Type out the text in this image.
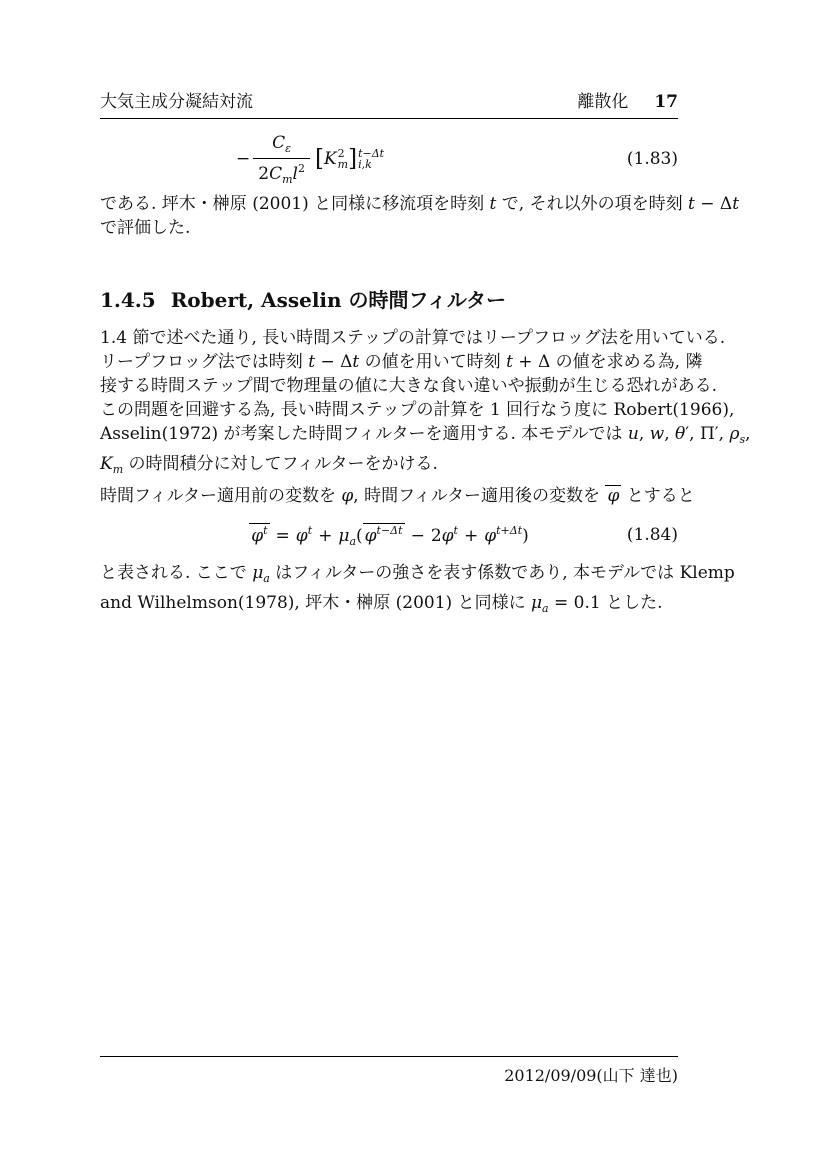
大気主成分凝結対流	離散化 17
− $\frac{C_\varepsilon}{2C_ml^2}$ [ K 2
m ] t−Δt
i,k	(1.83)
である. 坪木・榊原 (2001) と同様に移流項を時刻 t で, それ以外の項を時刻 t − Δt
で評価した.
1.4.5 Robert, Asselin の時間フィルター
1.4 節で述べた通り, 長い時間ステップの計算ではリープフロッグ法を用いている.
リープフロッグ法では時刻 t − Δt の値を用いて時刻 t + Δ の値を求める為, 隣
接する時間ステップ間で物理量の値に大きな食い違いや振動が生じる恐れがある.
この問題を回避する為, 長い時間ステップの計算を 1 回行なう度に Robert(1966),
Asselin(1972) が考案した時間フィルターを適用する. 本モデルでは u, w, θ′, Π′, $\rho_s$,
$K_m$ の時間積分に対してフィルターをかける.
時間フィルター適用前の変数を φ, 時間フィルター適用後の変数を φ とすると
$\varphi^t = \varphi^t + \mu_a$( $\varphi^{t-\Delta t} - 2\varphi^t + \varphi^{t+\Delta t}$)	(1.84)
と表される. ここで $\mu_a$ はフィルターの強さを表す係数であり, 本モデルでは Klemp
and Wilhelmson(1978), 坪木・榊原 (2001) と同様に $\mu_a = 0.1$ とした.
2012/09/09(山下 達也)
